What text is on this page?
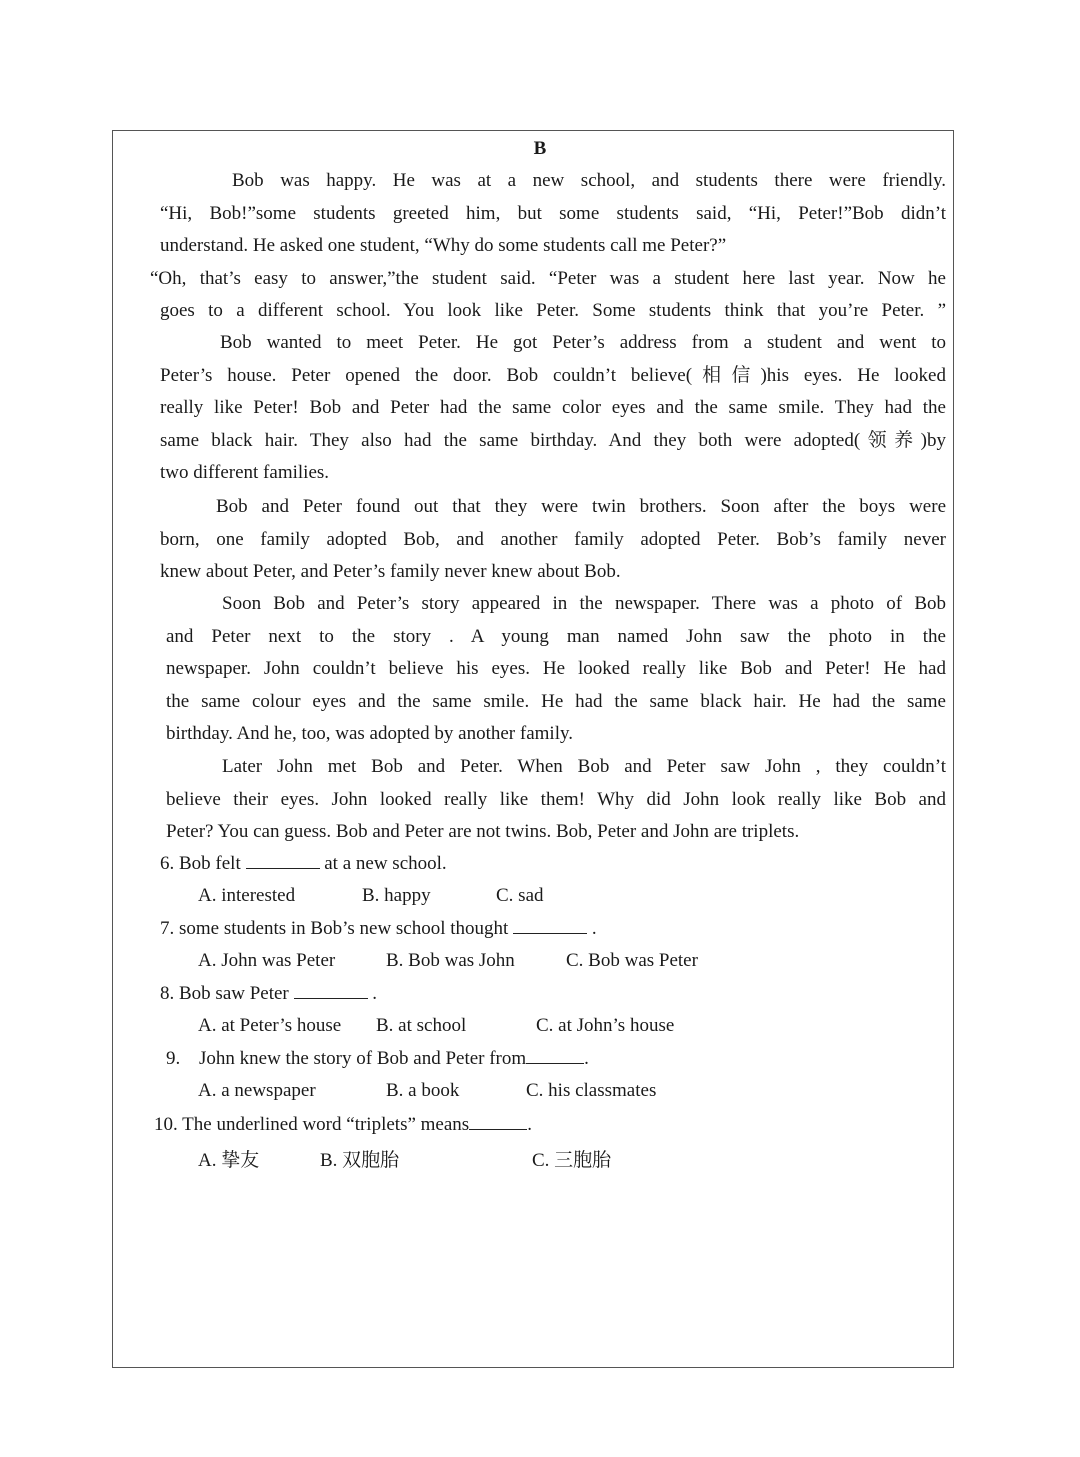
B
Bob was happy. He was at a new school, and students there were friendly.
“Hi, Bob!”some students greeted him, but some students said, “Hi, Peter!”Bob didn’t
understand. He asked one student, “Why do some students call me Peter?”
“Oh, that’s easy to answer,”the student said. “Peter was a student here last year. Now he
goes to a different school. You look like Peter. Some students think that you’re Peter. ”
Bob wanted to meet Peter. He got Peter’s address from a student and went to
Peter’s house. Peter opened the door. Bob couldn’t believe(相信)his eyes. He looked
really like Peter! Bob and Peter had the same color eyes and the same smile. They had the
same black hair. They also had the same birthday. And they both were adopted(领养)by
two different families.
Bob and Peter found out that they were twin brothers. Soon after the boys were
born, one family adopted Bob, and another family adopted Peter. Bob’s family never
knew about Peter, and Peter’s family never knew about Bob.
Soon Bob and Peter’s story appeared in the newspaper. There was a photo of Bob
and Peter next to the story . A young man named John saw the photo in the
newspaper. John couldn’t believe his eyes. He looked really like Bob and Peter! He had
the same colour eyes and the same smile. He had the same black hair. He had the same
birthday. And he, too, was adopted by another family.
Later John met Bob and Peter. When Bob and Peter saw John , they couldn’t
believe their eyes. John looked really like them! Why did John look really like Bob and
Peter? You can guess. Bob and Peter are not twins. Bob, Peter and John are triplets.
6. Bob felt	at a new school.
A. interested	B. happy	C. sad
7. some students in Bob’s new school thought	.
A. John was Peter	B. Bob was John	C. Bob was Peter
8. Bob saw Peter	.
A. at Peter’s house B. at school	C. at John’s house
9. John knew the story of Bob and Peter from	.
A. a newspaper	B. a book	C. his classmates
10. The underlined word “triplets” means	.
A. 挚友	B. 双胞胎	C. 三胞胎
